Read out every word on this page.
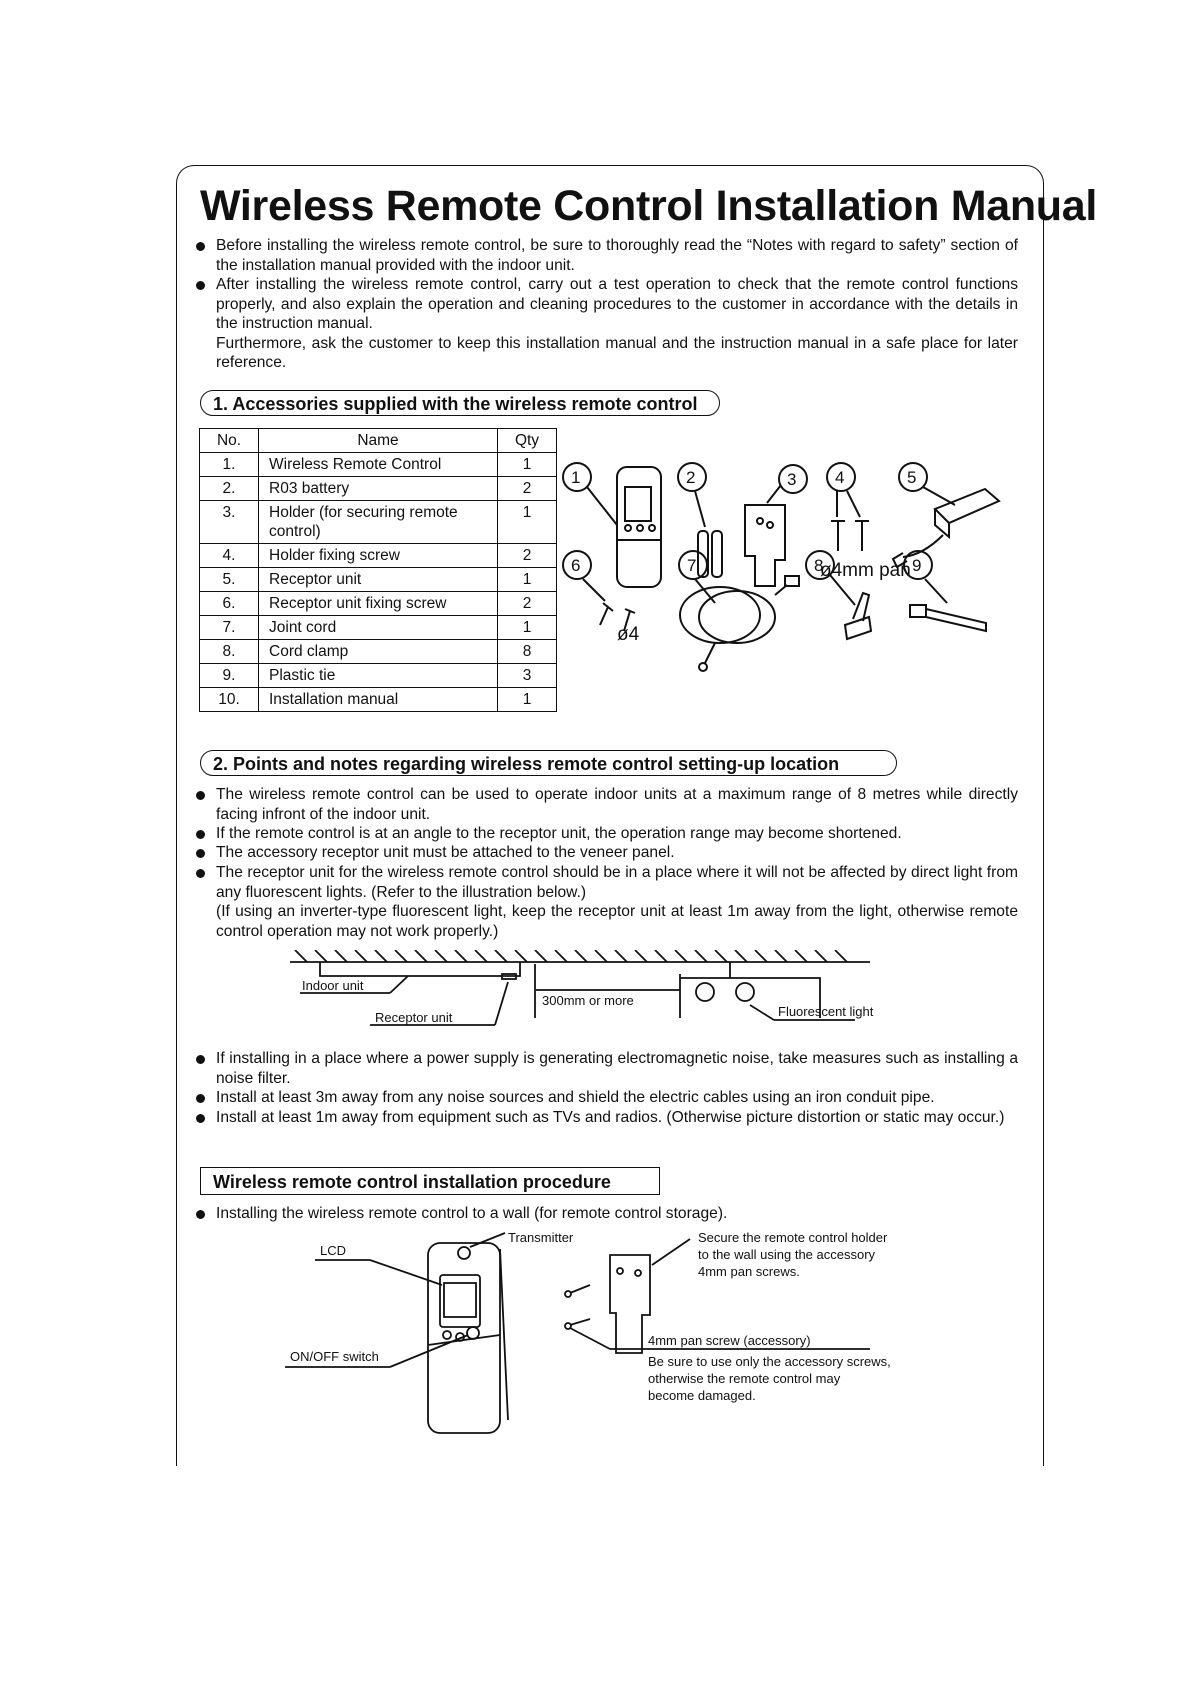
Wireless Remote Control Installation Manual
Before installing the wireless remote control, be sure to thoroughly read the “Notes with regard to safety” section of the installation manual provided with the indoor unit.
After installing the wireless remote control, carry out a test operation to check that the remote control functions properly, and also explain the operation and cleaning procedures to the customer in accordance with the details in the instruction manual.
Furthermore, ask the customer to keep this installation manual and the instruction manual in a safe place for later reference.
1. Accessories supplied with the wireless remote control
No.	Name	Qty
1.	Wireless Remote Control	1
2.	R03 battery	2
3.	Holder (for securing remote control)	1
4.	Holder fixing screw	2
5.	Receptor unit	1
6.	Receptor unit fixing screw	2
7.	Joint cord	1
8.	Cord clamp	8
9.	Plastic tie	3
10.	Installation manual	1
1	2	3 4	5
6	7	8	9
ø4mm pan
ø4
2. Points and notes regarding wireless remote control setting-up location
The wireless remote control can be used to operate indoor units at a maximum range of 8 metres while directly facing infront of the indoor unit.
If the remote control is at an angle to the receptor unit, the operation range may become shortened.
The accessory receptor unit must be attached to the veneer panel.
The receptor unit for the wireless remote control should be in a place where it will not be affected by direct light from any fluorescent lights. (Refer to the illustration below.)
(If using an inverter-type fluorescent light, keep the receptor unit at least 1m away from the light, otherwise remote control operation may not work properly.)
Indoor unit
Receptor unit
300mm or more
Fluorescent light
If installing in a place where a power supply is generating electromagnetic noise, take measures such as installing a noise filter.
Install at least 3m away from any noise sources and shield the electric cables using an iron conduit pipe.
Install at least 1m away from equipment such as TVs and radios. (Otherwise picture distortion or static may occur.)
Wireless remote control installation procedure
Installing the wireless remote control to a wall (for remote control storage).
Transmitter
LCD
ON/OFF switch
Secure the remote control holder
to the wall using the accessory
4mm pan screws.
4mm pan screw (accessory)
Be sure to use only the accessory screws,
otherwise the remote control may
become damaged.
